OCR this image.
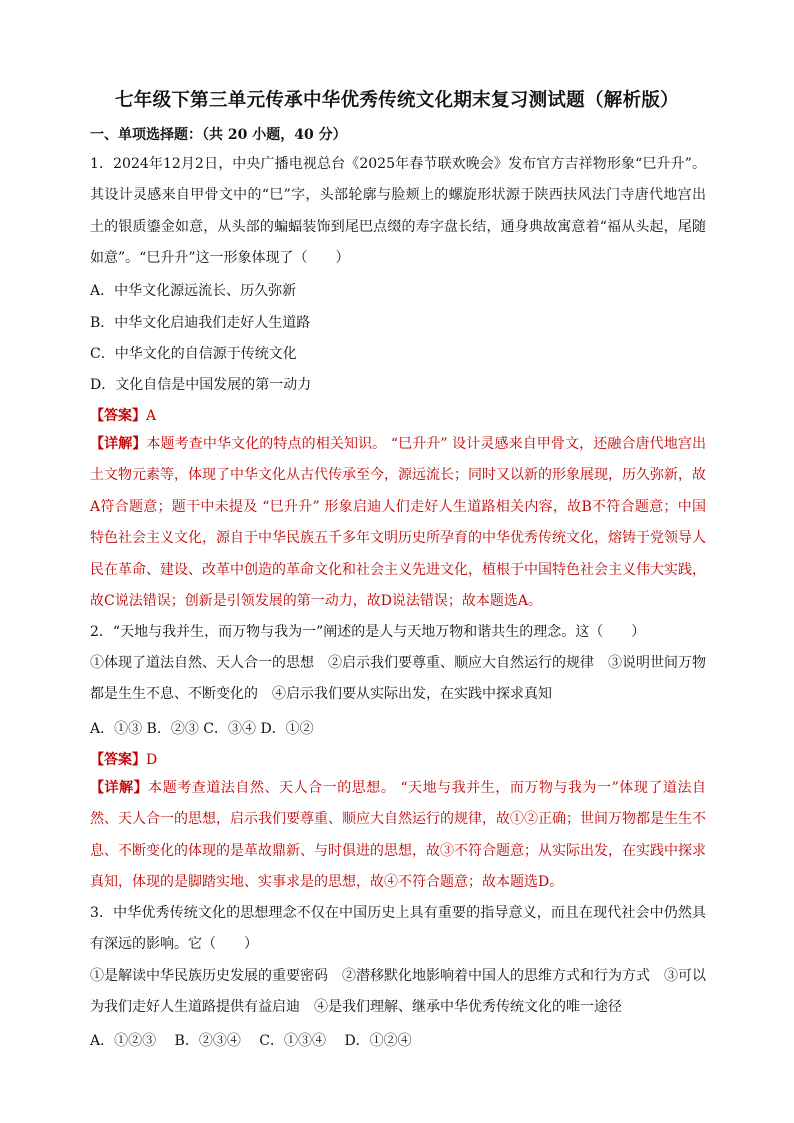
七年级下第三单元传承中华优秀传统文化期末复习测试题（解析版）
一、单项选择题：（共 20 小题，40 分）

1．2024年12月2日，中央广播电视总台《2025年春节联欢晚会》发布官方吉祥物形象“巳升升”。其设计灵感来自甲骨文中的“巳”字，头部轮廓与脸颊上的螺旋形状源于陕西扶风法门寺唐代地宫出土的银质鎏金如意，从头部的蝙蝠装饰到尾巴点缀的寿字盘长结，通身典故寓意着“福从头起，尾随如意”。“巳升升”这一形象体现了（　　）

A．中华文化源远流长、历久弥新
B．中华文化启迪我们走好人生道路
C．中华文化的自信源于传统文化
D．文化自信是中国发展的第一动力
【答案】A

【详解】本题考查中华文化的特点的相关知识。 “巳升升” 设计灵感来自甲骨文，还融合唐代地宫出土文物元素等，体现了中华文化从古代传承至今，源远流长；同时又以新的形象展现，历久弥新，故A符合题意；题干中未提及 “巳升升” 形象启迪人们走好人生道路相关内容，故B不符合题意；中国特色社会主义文化，源自于中华民族五千多年文明历史所孕育的中华优秀传统文化，熔铸于党领导人民在革命、建设、改革中创造的革命文化和社会主义先进文化，植根于中国特色社会主义伟大实践，故C说法错误；创新是引领发展的第一动力，故D说法错误；故本题选A。

2．“天地与我并生，而万物与我为一”阐述的是人与天地万物和谐共生的理念。这（　　）

①体现了道法自然、天人合一的思想　②启示我们要尊重、顺应大自然运行的规律　③说明世间万物都是生生不息、不断变化的　④启示我们要从实际出发，在实践中探求真知

A．①③ B．②③ C．③④ D．①②
【答案】D

【详解】本题考查道法自然、天人合一的思想。 “天地与我并生，而万物与我为一”体现了道法自然、天人合一的思想，启示我们要尊重、顺应大自然运行的规律，故①②正确；世间万物都是生生不息、不断变化的体现的是革故鼎新、与时俱进的思想，故③不符合题意；从实际出发，在实践中探求真知，体现的是脚踏实地、实事求是的思想，故④不符合题意；故本题选D。

3．中华优秀传统文化的思想理念不仅在中国历史上具有重要的指导意义，而且在现代社会中仍然具有深远的影响。它（　　）

①是解读中华民族历史发展的重要密码　②潜移默化地影响着中国人的思维方式和行为方式　③可以为我们走好人生道路提供有益启迪　④是我们理解、继承中华优秀传统文化的唯一途径

A．①②③　 B．②③④　 C．①③④　 D．①②④
